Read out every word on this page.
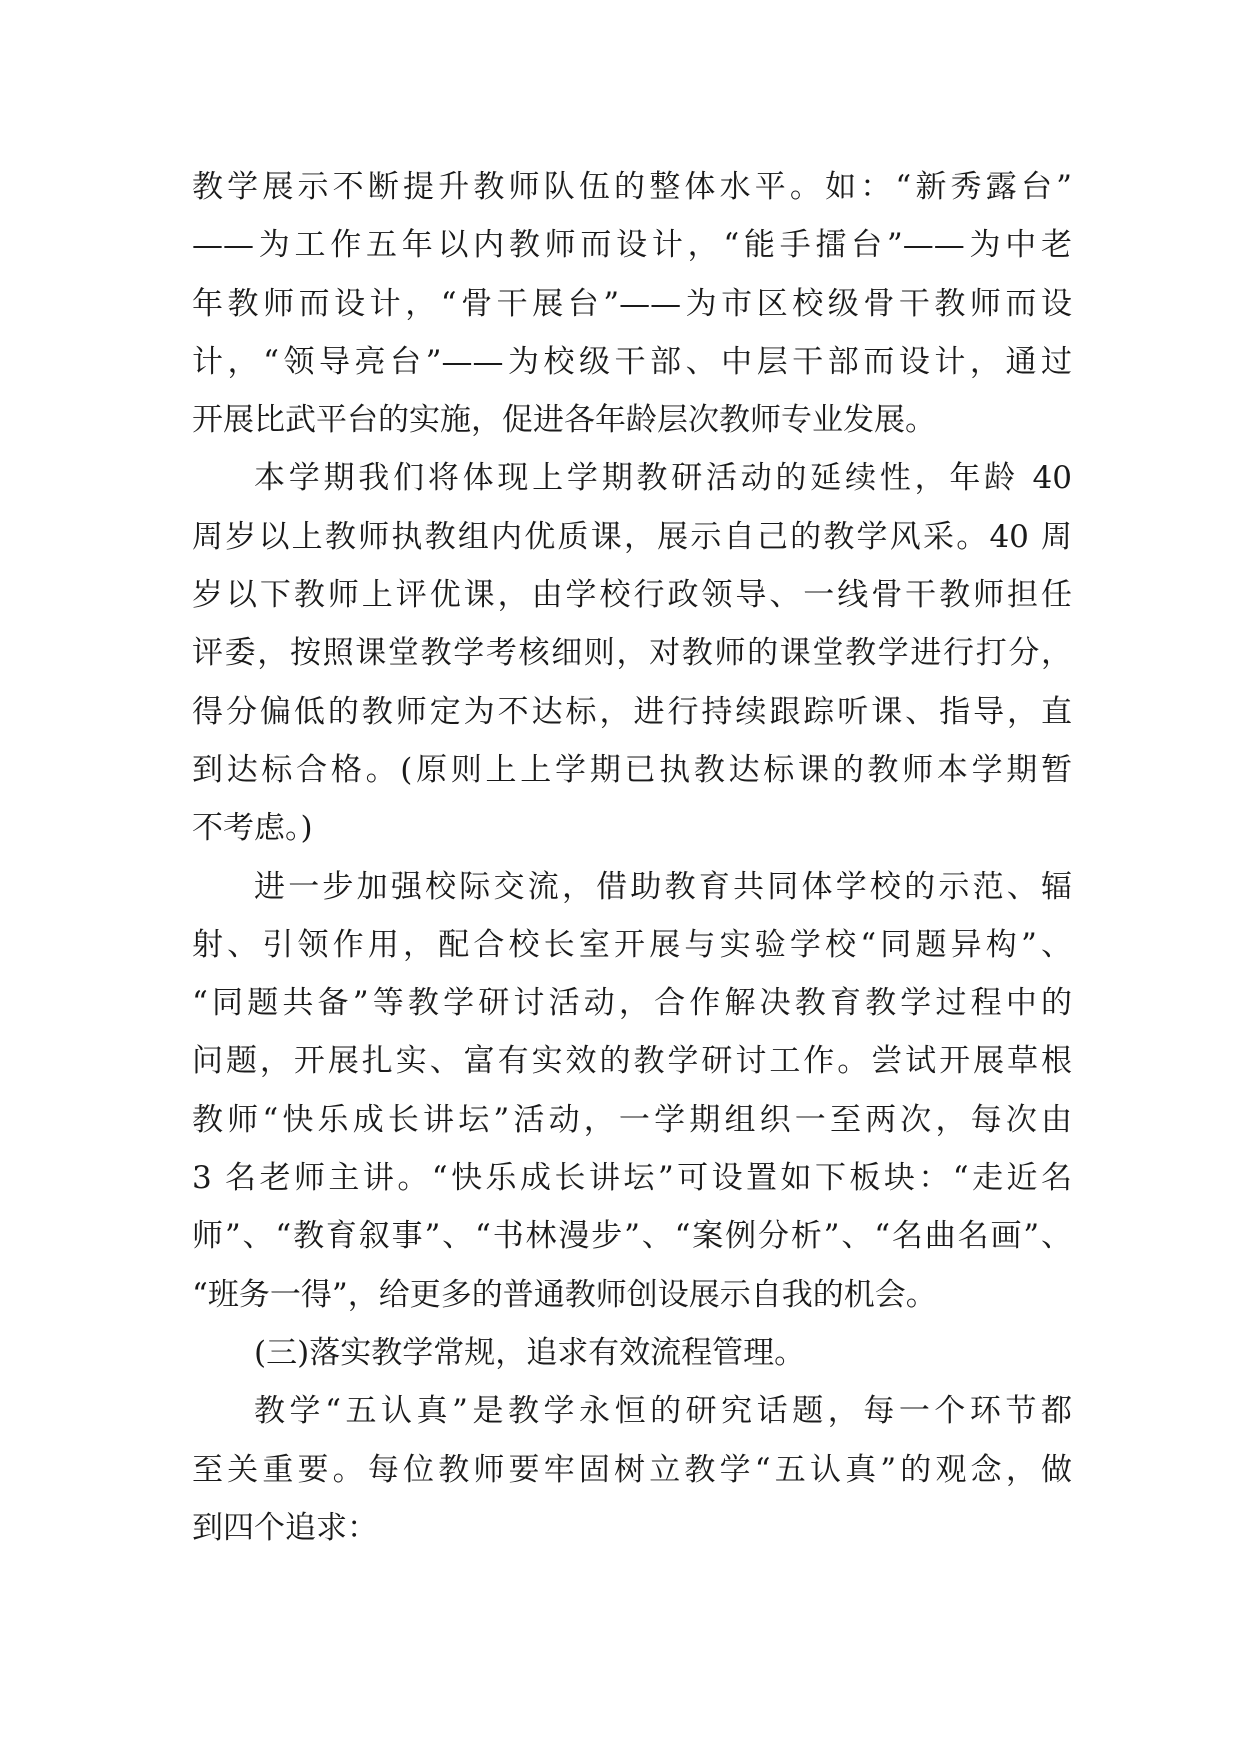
教学展示不断提升教师队伍的整体水平。如：“新秀露台”
——为工作五年以内教师而设计，“能手擂台”——为中老
年教师而设计，“骨干展台”——为市区校级骨干教师而设
计，“领导亮台”——为校级干部、中层干部而设计，通过
开展比武平台的实施，促进各年龄层次教师专业发展。
本学期我们将体现上学期教研活动的延续性，年龄 40
周岁以上教师执教组内优质课，展示自己的教学风采。40 周
岁以下教师上评优课，由学校行政领导、一线骨干教师担任
评委，按照课堂教学考核细则，对教师的课堂教学进行打分，
得分偏低的教师定为不达标，进行持续跟踪听课、指导，直
到达标合格。(原则上上学期已执教达标课的教师本学期暂
不考虑。)
进一步加强校际交流，借助教育共同体学校的示范、辐
射、引领作用，配合校长室开展与实验学校“同题异构”、
“同题共备”等教学研讨活动，合作解决教育教学过程中的
问题，开展扎实、富有实效的教学研讨工作。尝试开展草根
教师“快乐成长讲坛”活动，一学期组织一至两次，每次由
3 名老师主讲。“快乐成长讲坛”可设置如下板块：“走近名
师”、“教育叙事”、“书林漫步”、“案例分析”、“名曲名画”、
“班务一得”，给更多的普通教师创设展示自我的机会。
(三)落实教学常规，追求有效流程管理。
教学“五认真”是教学永恒的研究话题，每一个环节都
至关重要。每位教师要牢固树立教学“五认真”的观念，做
到四个追求：
